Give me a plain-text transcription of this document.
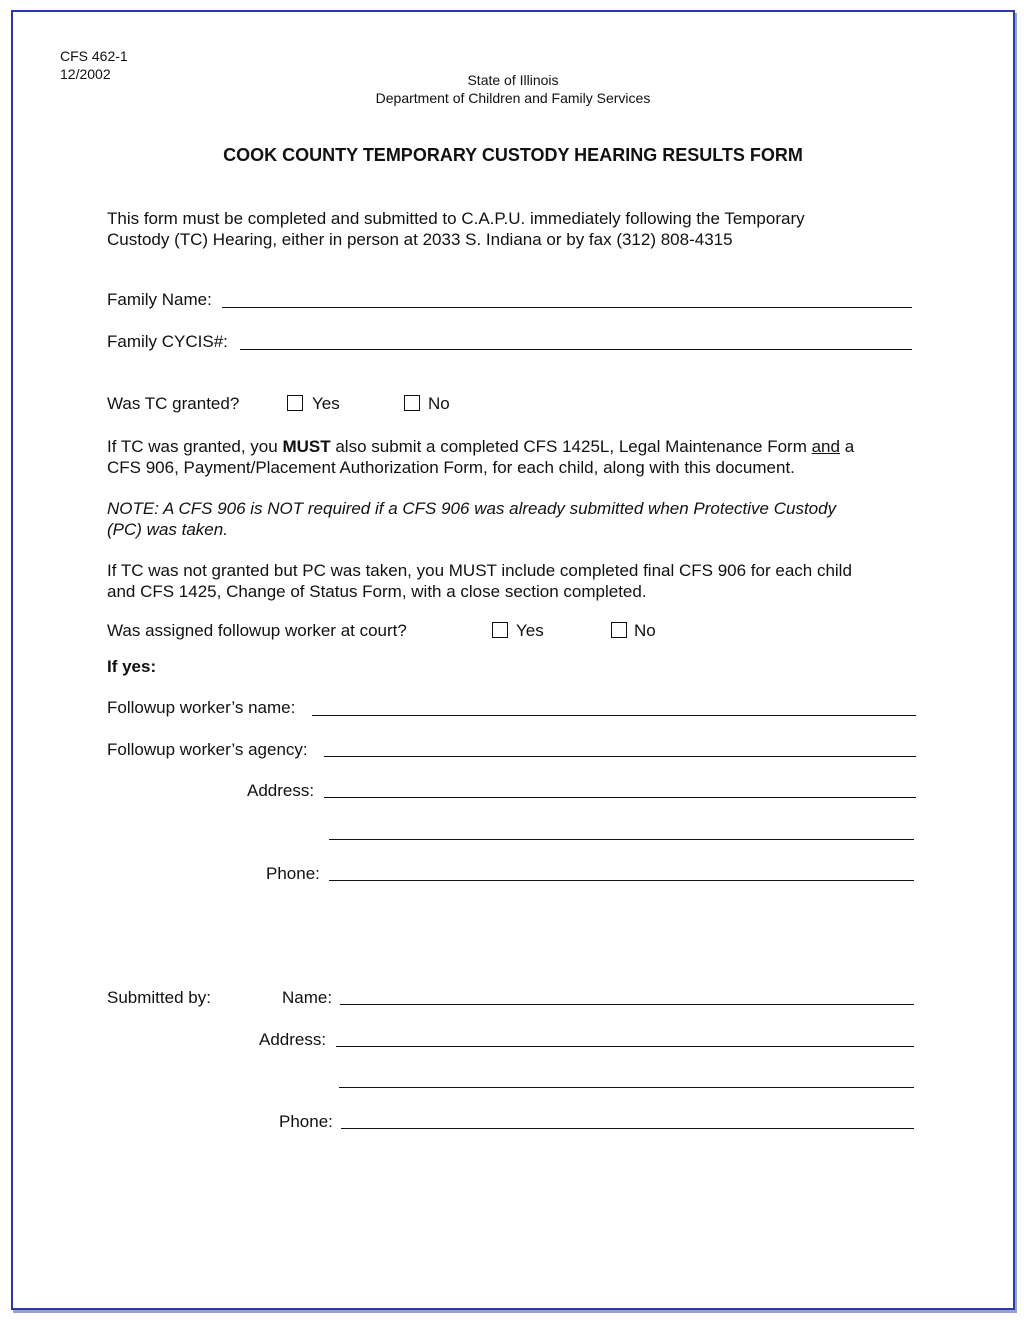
CFS 462-1
12/2002	State of Illinois
Department of Children and Family Services
COOK COUNTY TEMPORARY CUSTODY HEARING RESULTS FORM
This form must be completed and submitted to C.A.P.U. immediately following the Temporary
Custody (TC) Hearing, either in person at 2033 S. Indiana or by fax (312) 808-4315
Family Name:
Family CYCIS#:
Was TC granted?	Yes	No
If TC was granted, you MUST also submit a completed CFS 1425L, Legal Maintenance Form and a
CFS 906, Payment/Placement Authorization Form, for each child, along with this document.
NOTE: A CFS 906 is NOT required if a CFS 906 was already submitted when Protective Custody
(PC) was taken.
If TC was not granted but PC was taken, you MUST include completed final CFS 906 for each child
and CFS 1425, Change of Status Form, with a close section completed.
Was assigned followup worker at court?	Yes	No
If yes:
Followup worker’s name:
Followup worker’s agency:
Address:
Phone:
Submitted by:	Name:
Address:
Phone:
